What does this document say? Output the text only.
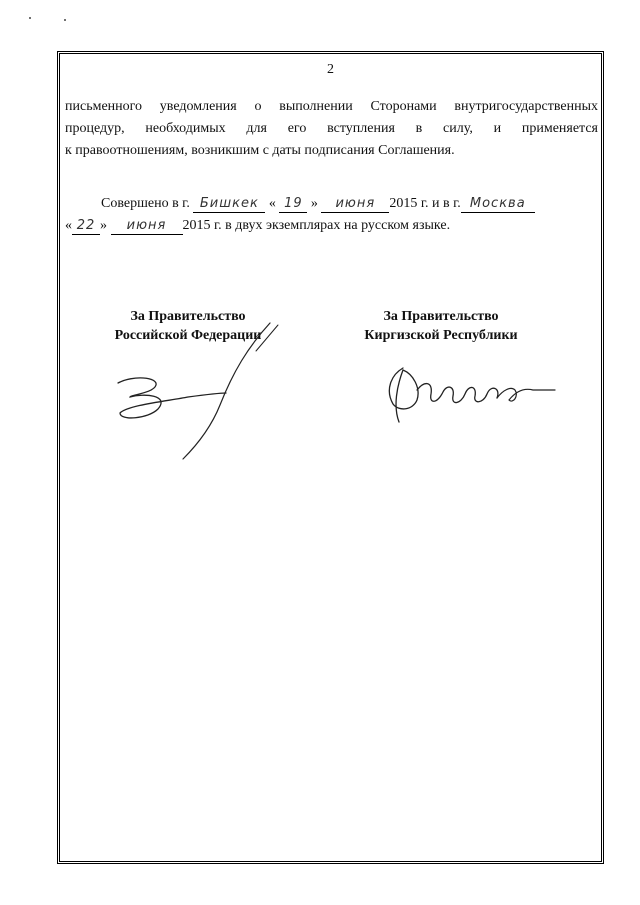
2
письменного уведомления о выполнении Сторонами внутригосударственных
процедур, необходимых для его вступления в силу, и применяется
к правоотношениям, возникшим с даты подписания Соглашения.
Совершено в г. Бишкек « 19 » июня 2015 г. и в г. Москва
« 22 » июня 2015 г. в двух экземплярах на русском языке.
За Правительство
Российской Федерации
За Правительство
Киргизской Республики
